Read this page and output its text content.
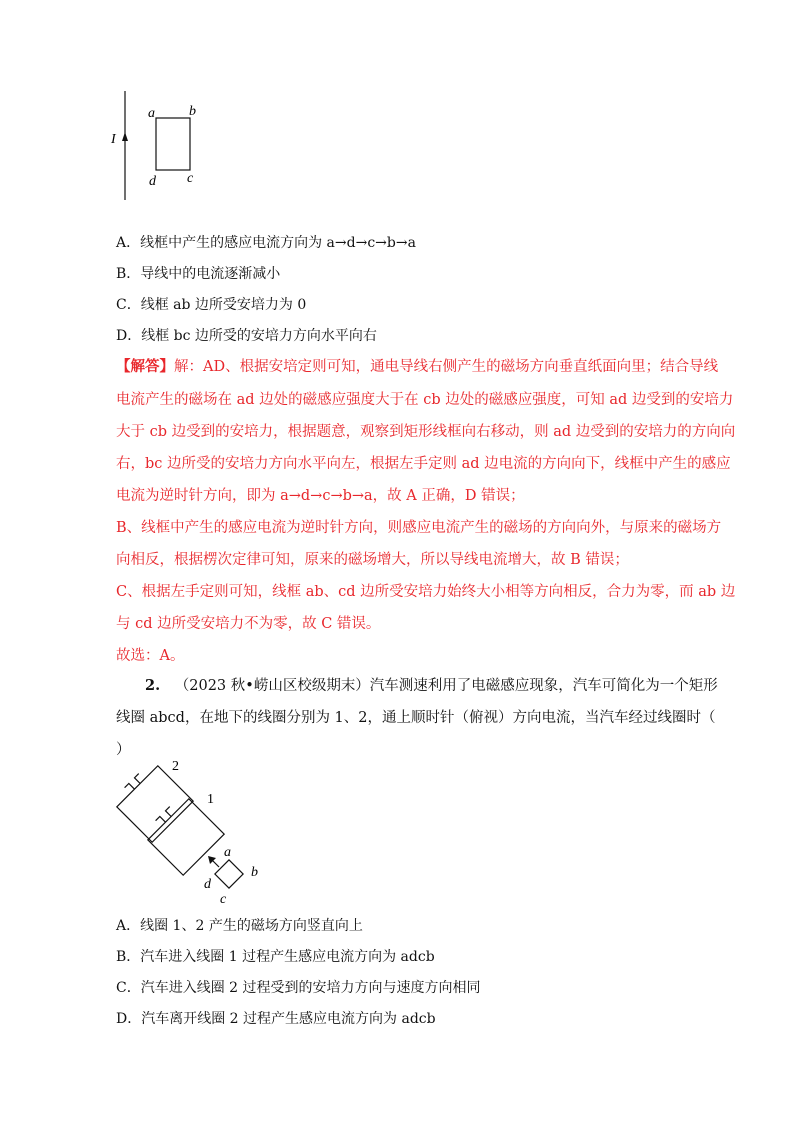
I
a b
c
d
A．线框中产生的感应电流方向为 a→d→c→b→a
B．导线中的电流逐渐减小
C．线框 ab 边所受安培力为 0
D．线框 bc 边所受的安培力方向水平向右
【解答】解：AD、根据安培定则可知，通电导线右侧产生的磁场方向垂直纸面向里；结合导线
电流产生的磁场在 ad 边处的磁感应强度大于在 cb 边处的磁感应强度，可知 ad 边受到的安培力
大于 cb 边受到的安培力，根据题意，观察到矩形线框向右移动，则 ad 边受到的安培力的方向向
右，bc 边所受的安培力方向水平向左，根据左手定则 ad 边电流的方向向下，线框中产生的感应
电流为逆时针方向，即为 a→d→c→b→a，故 A 正确，D 错误；
B、线框中产生的感应电流为逆时针方向，则感应电流产生的磁场的方向向外，与原来的磁场方
向相反，根据楞次定律可知，原来的磁场增大，所以导线电流增大，故 B 错误；
C、根据左手定则可知，线框 ab、cd 边所受安培力始终大小相等方向相反，合力为零，而 ab 边
与 cd 边所受安培力不为零，故 C 错误。
故选：A。
2. （2023 秋•崂山区校级期末）汽车测速利用了电磁感应现象，汽车可简化为一个矩形
线圈 abcd，在地下的线圈分别为 1、2，通上顺时针（俯视）方向电流，当汽车经过线圈时（
）
2
1
a
b
c
d
A．线圈 1、2 产生的磁场方向竖直向上
B．汽车进入线圈 1 过程产生感应电流方向为 adcb
C．汽车进入线圈 2 过程受到的安培力方向与速度方向相同
D．汽车离开线圈 2 过程产生感应电流方向为 adcb
